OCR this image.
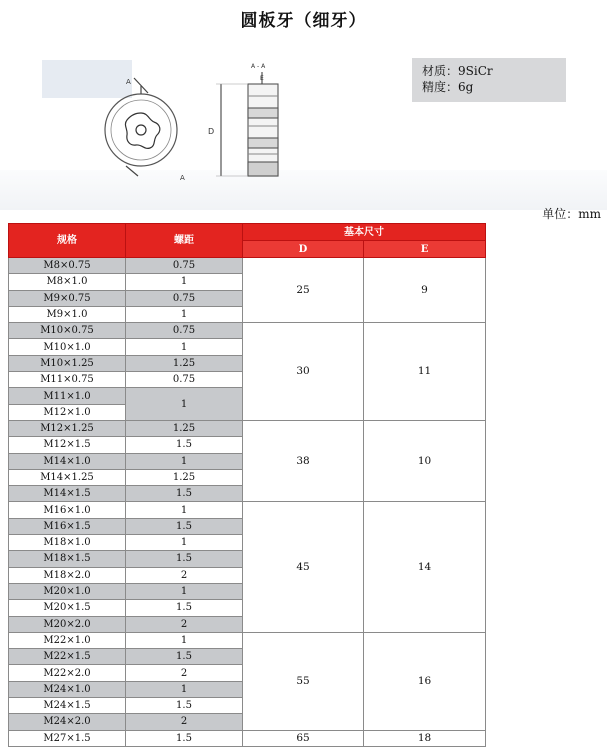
圆板牙（细牙）
A
A
A - A
E
D
材质：9SiCr
精度：6g
单位：mm
规格	螺距	基本尺寸	
		D	E
M8×0.75	0.75	25	9
M8×1.0	1		
M9×0.75	0.75		
M9×1.0	1		
M10×0.75	0.75	30	11
M10×1.0	1		
M10×1.25	1.25		
M11×0.75	0.75		
M11×1.0	1		
M12×1.0			
M12×1.25	1.25	38	10
M12×1.5	1.5		
M14×1.0	1		
M14×1.25	1.25		
M14×1.5	1.5		
M16×1.0	1	45	14
M16×1.5	1.5		
M18×1.0	1		
M18×1.5	1.5		
M18×2.0	2		
M20×1.0	1		
M20×1.5	1.5		
M20×2.0	2		
M22×1.0	1	55	16
M22×1.5	1.5		
M22×2.0	2		
M24×1.0	1		
M24×1.5	1.5		
M24×2.0	2		
M27×1.5	1.5	65	18
